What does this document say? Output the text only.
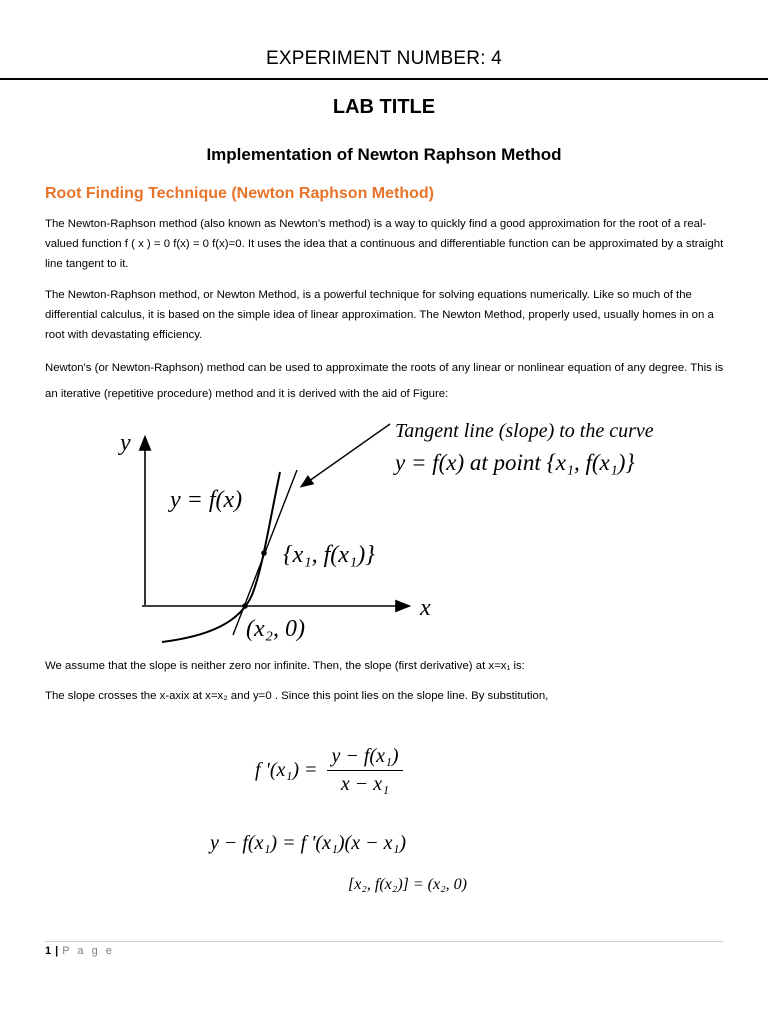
EXPERIMENT NUMBER: 4
LAB TITLE
Implementation of Newton Raphson Method
Root Finding Technique (Newton Raphson Method)
The Newton-Raphson method (also known as Newton's method) is a way to quickly find a good approximation for the root of a real-valued function f ( x ) = 0 f(x) = 0 f(x)=0. It uses the idea that a continuous and differentiable function can be approximated by a straight line tangent to it.
The Newton-Raphson method, or Newton Method, is a powerful technique for solving equations numerically. Like so much of the differential calculus, it is based on the simple idea of linear approximation. The Newton Method, properly used, usually homes in on a root with devastating efficiency.
Newton's (or Newton-Raphson) method can be used to approximate the roots of any linear or nonlinear equation of any degree. This is an iterative (repetitive procedure) method and it is derived with the aid of Figure:
y
x
y = f(x)
{x₁, f(x₁)}
(x₂, 0)
Tangent line (slope) to the curve
y = f(x) at point {x₁, f(x₁)}
We assume that the slope is neither zero nor infinite. Then, the slope (first derivative) at x=x₁ is:
The slope crosses the x-axix at x=x₂ and y=0 . Since this point lies on the slope line. By substitution,
f '$(x_1) = \frac{\text{y − f(x₁)}}{\text{x − x₁}}$
y − f(x₁) = f '(x₁)(x − x₁)
[x₂, f(x₂)] = (x₂, 0)
1 | P a g e
